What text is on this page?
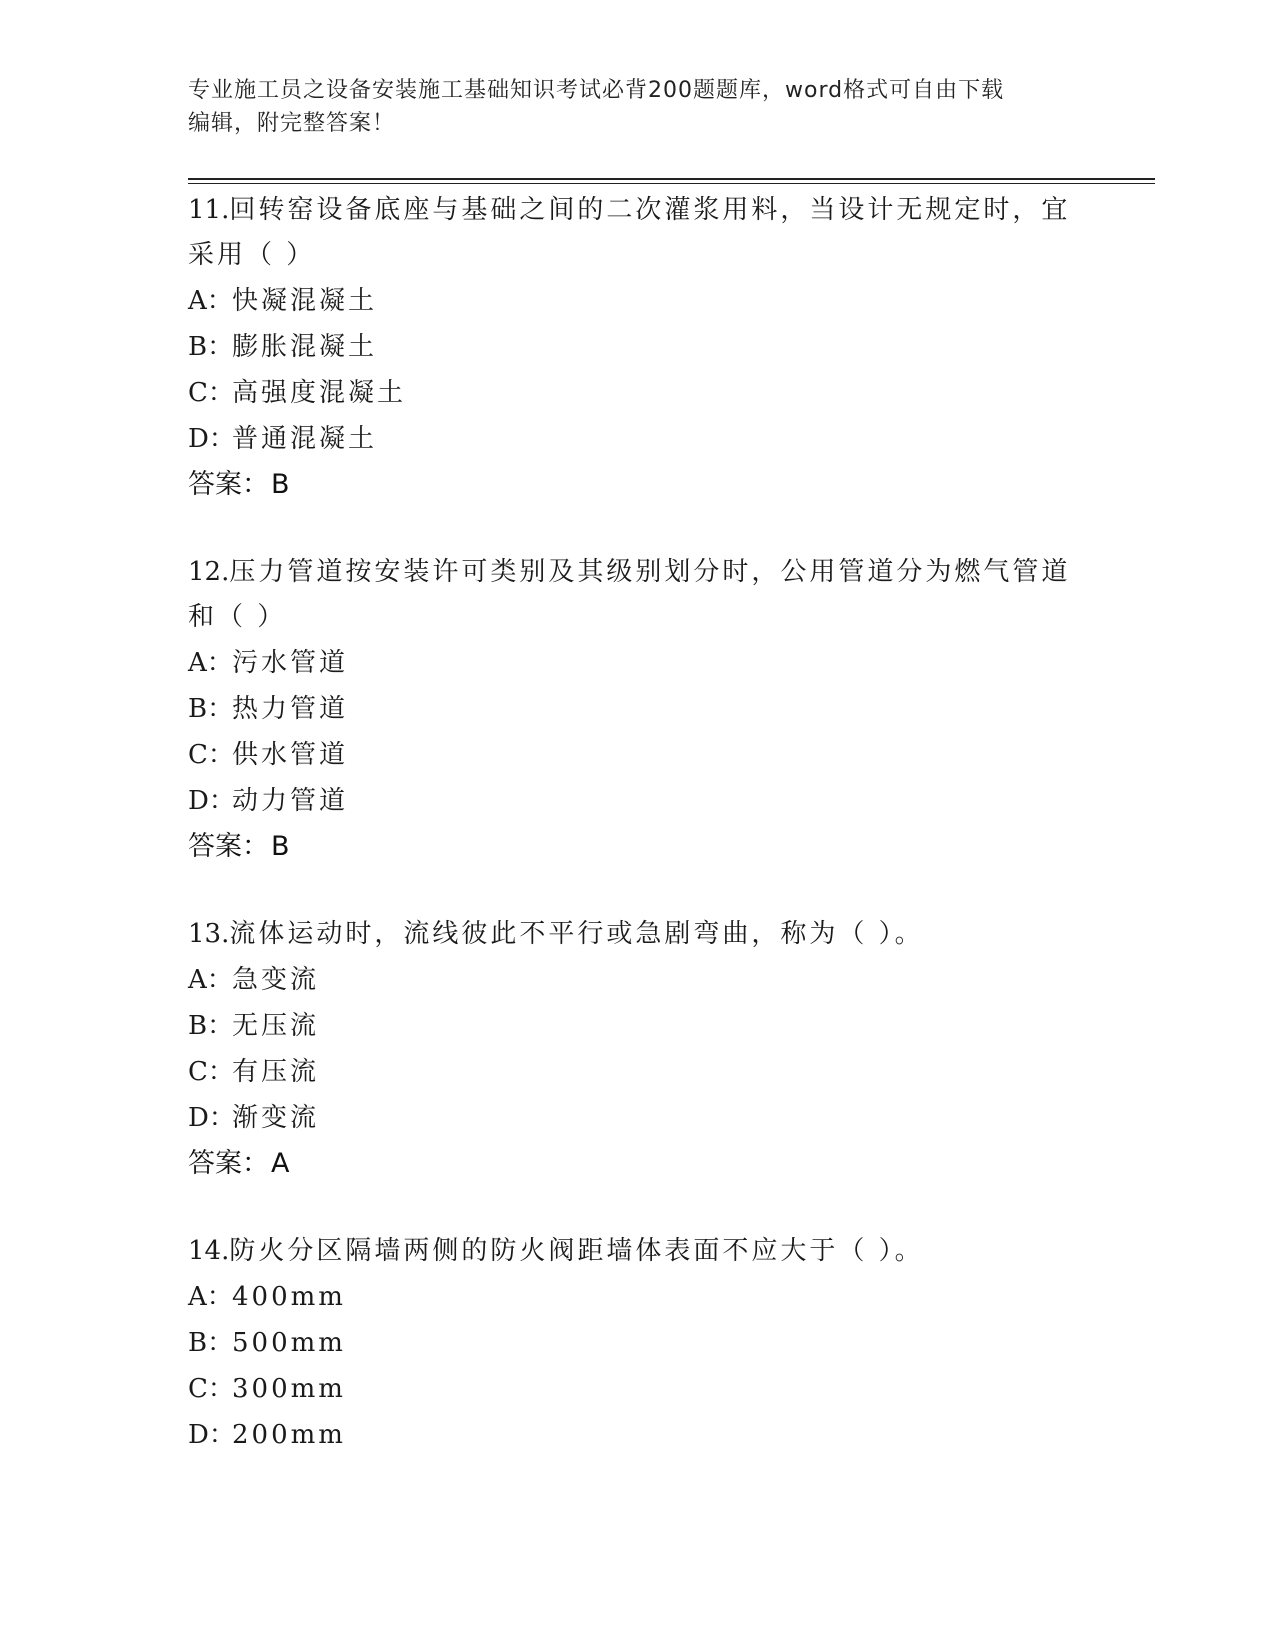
专业施工员之设备安装施工基础知识考试必背200题题库，word格式可自由下载
编辑，附完整答案！
11.回转窑设备底座与基础之间的二次灌浆用料，当设计无规定时，宜
采用（ ）
A： 快凝混凝土
B：
膨胀混凝土
C：
高强度混凝土
D：
普通混凝土
答案：B
12.压力管道按安装许可类别及其级别划分时，公用管道分为燃气管道
和（ ）
A： 污水管道
B：
热力管道
C：
供水管道
D：
动力管道
答案：B
13.流体运动时，流线彼此不平行或急剧弯曲，称为（ ）。
A： 急变流
B：
无压流
C：
有压流
D：
渐变流
答案：A
14.防火分区隔墙两侧的防火阀距墙体表面不应大于（ ）。
A： 400mm
B：
500mm
C：
300mm
D：
200mm
